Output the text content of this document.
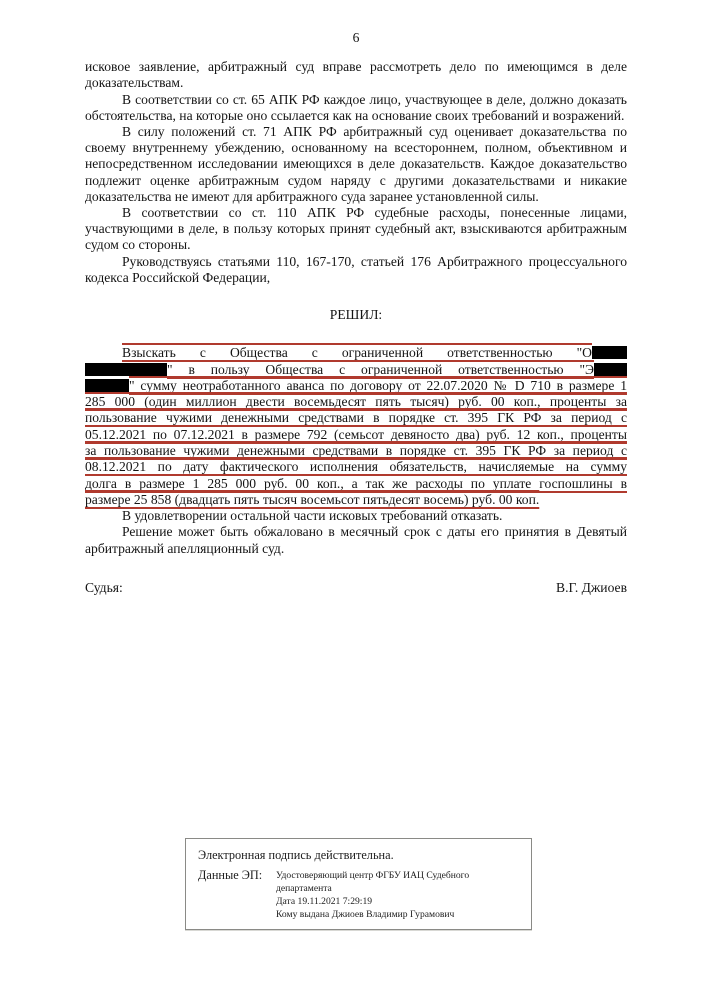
6

исковое заявление, арбитражный суд вправе рассмотреть дело по имеющимся в деле доказательствам.

В соответствии со ст. 65 АПК РФ каждое лицо, участвующее в деле, должно доказать обстоятельства, на которые оно ссылается как на основание своих требований и возражений.

В силу положений ст. 71 АПК РФ арбитражный суд оценивает доказательства по своему внутреннему убеждению, основанному на всестороннем, полном, объективном и непосредственном исследовании имеющихся в деле доказательств. Каждое доказательство подлежит оценке арбитражным судом наряду с другими доказательствами и никакие доказательства не имеют для арбитражного суда заранее установленной силы.

В соответствии со ст. 110 АПК РФ судебные расходы, понесенные лицами, участвующими в деле, в пользу которых принят судебный акт, взыскиваются арбитражным судом со стороны.

Руководствуясь статьями 110, 167-170, статьей 176 Арбитражного процессуального кодекса Российской Федерации,

РЕШИЛ:
Взыскать с Общества с ограниченной ответственностью "О
" в пользу Общества с ограниченной ответственностью "Э
" сумму неотработанного аванса по договору от 22.07.2020 № D 710 в размере 1
285 000 (один миллион двести восемьдесят пять тысяч) руб. 00 коп., проценты за
пользование чужими денежными средствами в порядке ст. 395 ГК РФ за период с
05.12.2021 по 07.12.2021 в размере 792 (семьсот девяносто два) руб. 12 коп., проценты
за пользование чужими денежными средствами в порядке ст. 395 ГК РФ за период с
08.12.2021 по дату фактического исполнения обязательств, начисляемые на сумму
долга в размере 1 285 000 руб. 00 коп., а так же расходы по уплате госпошлины в
размере 25 858 (двадцать пять тысяч восемьсот пятьдесят восемь) руб. 00 коп.

В удовлетворении остальной части исковых требований отказать.

Решение может быть обжаловано в месячный срок с даты его принятия в Девятый арбитражный апелляционный суд.

Судья:	В.Г. Джиоев
Электронная подпись действительна.
Данные ЭП:	Удостоверяющий центр ФГБУ ИАЦ Судебного департамента
Дата 19.11.2021 7:29:19
Кому выдана Джиоев Владимир Гурамович
